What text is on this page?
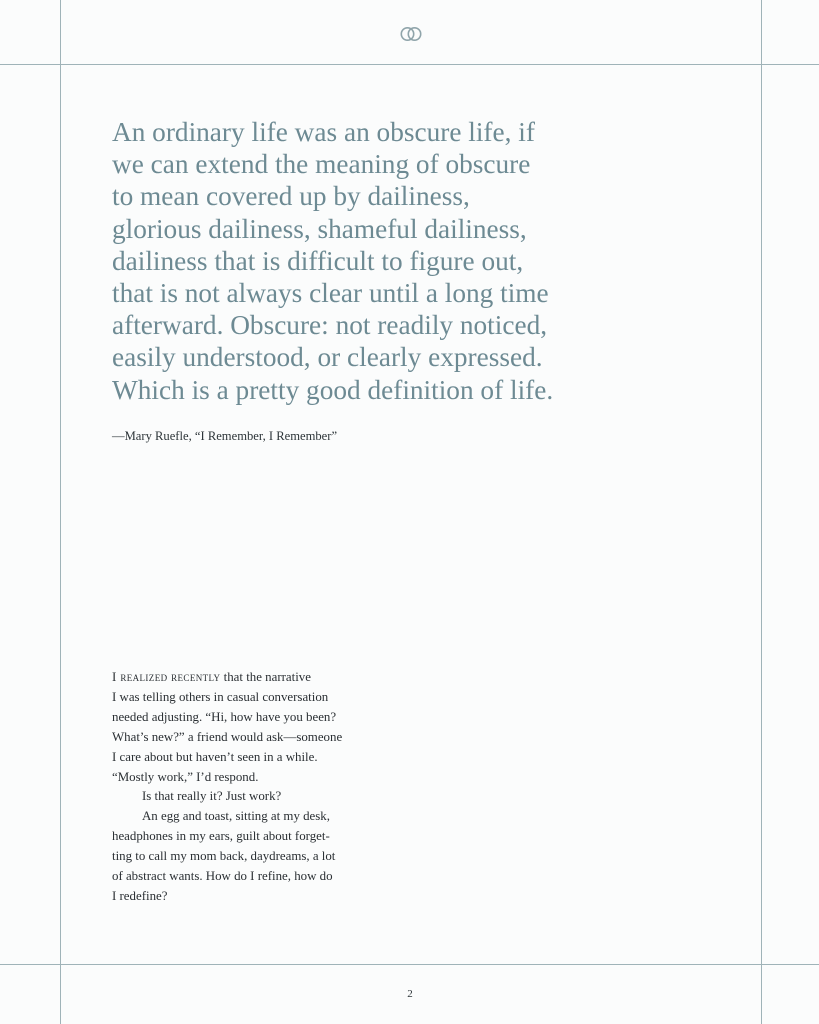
An ordinary life was an obscure life, if
we can extend the meaning of obscure
to mean covered up by dailiness,
glorious dailiness, shameful dailiness,
dailiness that is difficult to figure out,
that is not always clear until a long time
afterward. Obscure: not readily noticed,
easily understood, or clearly expressed.
Which is a pretty good definition of life.

—Mary Ruefle, “I Remember, I Remember”

I realized recently that the narrative
I was telling others in casual conversation
needed adjusting. “Hi, how have you been?
What’s new?” a friend would ask—someone
I care about but haven’t seen in a while.
“Mostly work,” I’d respond.
Is that really it? Just work?
An egg and toast, sitting at my desk,
headphones in my ears, guilt about forget-
ting to call my mom back, daydreams, a lot
of abstract wants. How do I refine, how do
I redefine?
2
